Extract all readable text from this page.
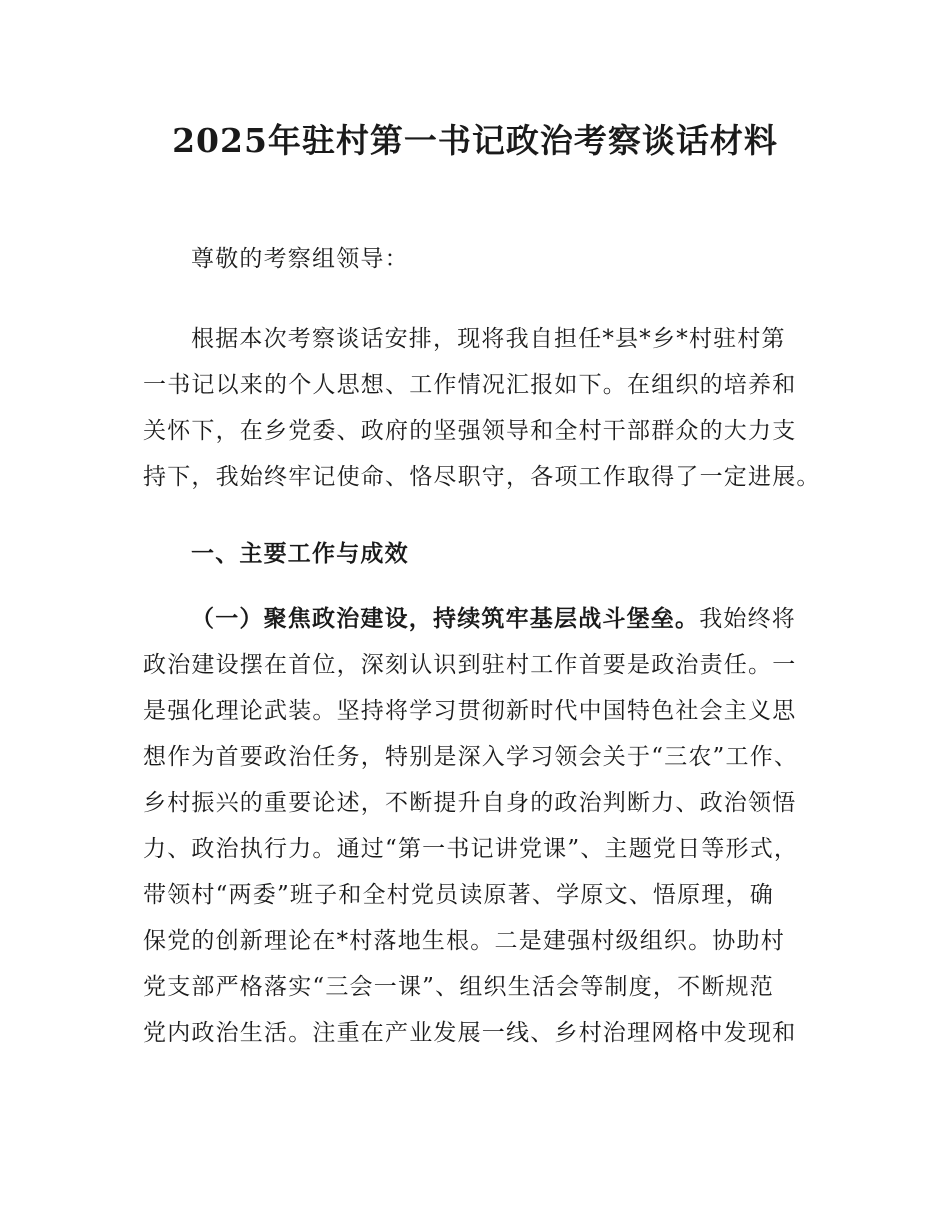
2025年驻村第一书记政治考察谈话材料

尊敬的考察组领导：

根据本次考察谈话安排，现将我自担任*县*乡*村驻村第
一书记以来的个人思想、工作情况汇报如下。在组织的培养和
关怀下，在乡党委、政府的坚强领导和全村干部群众的大力支
持下，我始终牢记使命、恪尽职守，各项工作取得了一定进展。

一、主要工作与成效

（一）聚焦政治建设，持续筑牢基层战斗堡垒。我始终将
政治建设摆在首位，深刻认识到驻村工作首要是政治责任。一
是强化理论武装。坚持将学习贯彻新时代中国特色社会主义思
想作为首要政治任务，特别是深入学习领会关于“三农”工作、
乡村振兴的重要论述，不断提升自身的政治判断力、政治领悟
力、政治执行力。通过“第一书记讲党课”、主题党日等形式，
带领村“两委”班子和全村党员读原著、学原文、悟原理，确
保党的创新理论在*村落地生根。二是建强村级组织。协助村
党支部严格落实“三会一课”、组织生活会等制度，不断规范
党内政治生活。注重在产业发展一线、乡村治理网格中发现和
